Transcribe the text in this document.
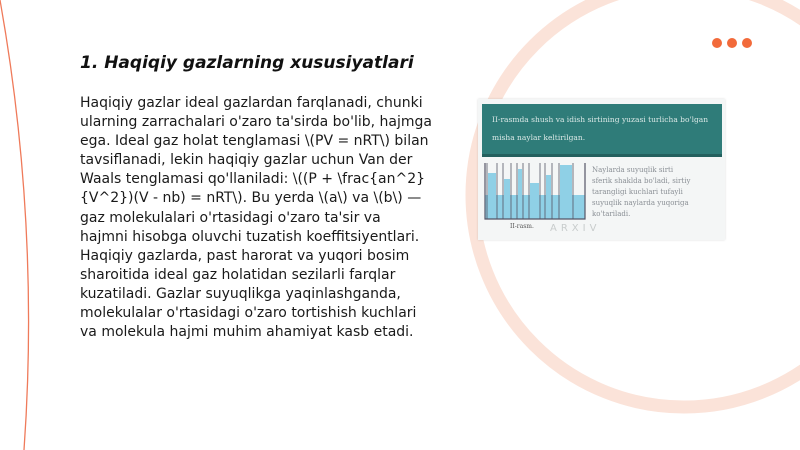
1. Haqiqiy gazlarning xususiyatlari

Haqiqiy gazlar ideal gazlardan farqlanadi, chunki ularning zarrachalari o'zaro ta'sirda bo'lib, hajmga ega. Ideal gaz holat tenglamasi \(PV = nRT\) bilan tavsiflanadi, lekin haqiqiy gazlar uchun Van der Waals tenglamasi qo'llaniladi: \((P + \frac{an^2}{V^2})(V - nb) = nRT\). Bu yerda \(a\) va \(b\) — gaz molekulalari o'rtasidagi o'zaro ta'sir va hajmni hisobga oluvchi tuzatish koeffitsiyentlari. Haqiqiy gazlarda, past harorat va yuqori bosim sharoitida ideal gaz holatidan sezilarli farqlar kuzatiladi. Gazlar suyuqlikga yaqinlashganda, molekulalar o'rtasidagi o'zaro tortishish kuchlari va molekula hajmi muhim ahamiyat kasb etadi.

II-rasmda shush va idish sirtining yuzasi turlicha bo'lgan
misha naylar keltirilgan.
Naylarda suyuqlik sirti
sferik shaklda bo'ladi, sirtiy
tarangligi kuchlari tufayli
suyuqlik naylarda yuqoriga
ko'tariladi.
II-rasm. ARXIV
